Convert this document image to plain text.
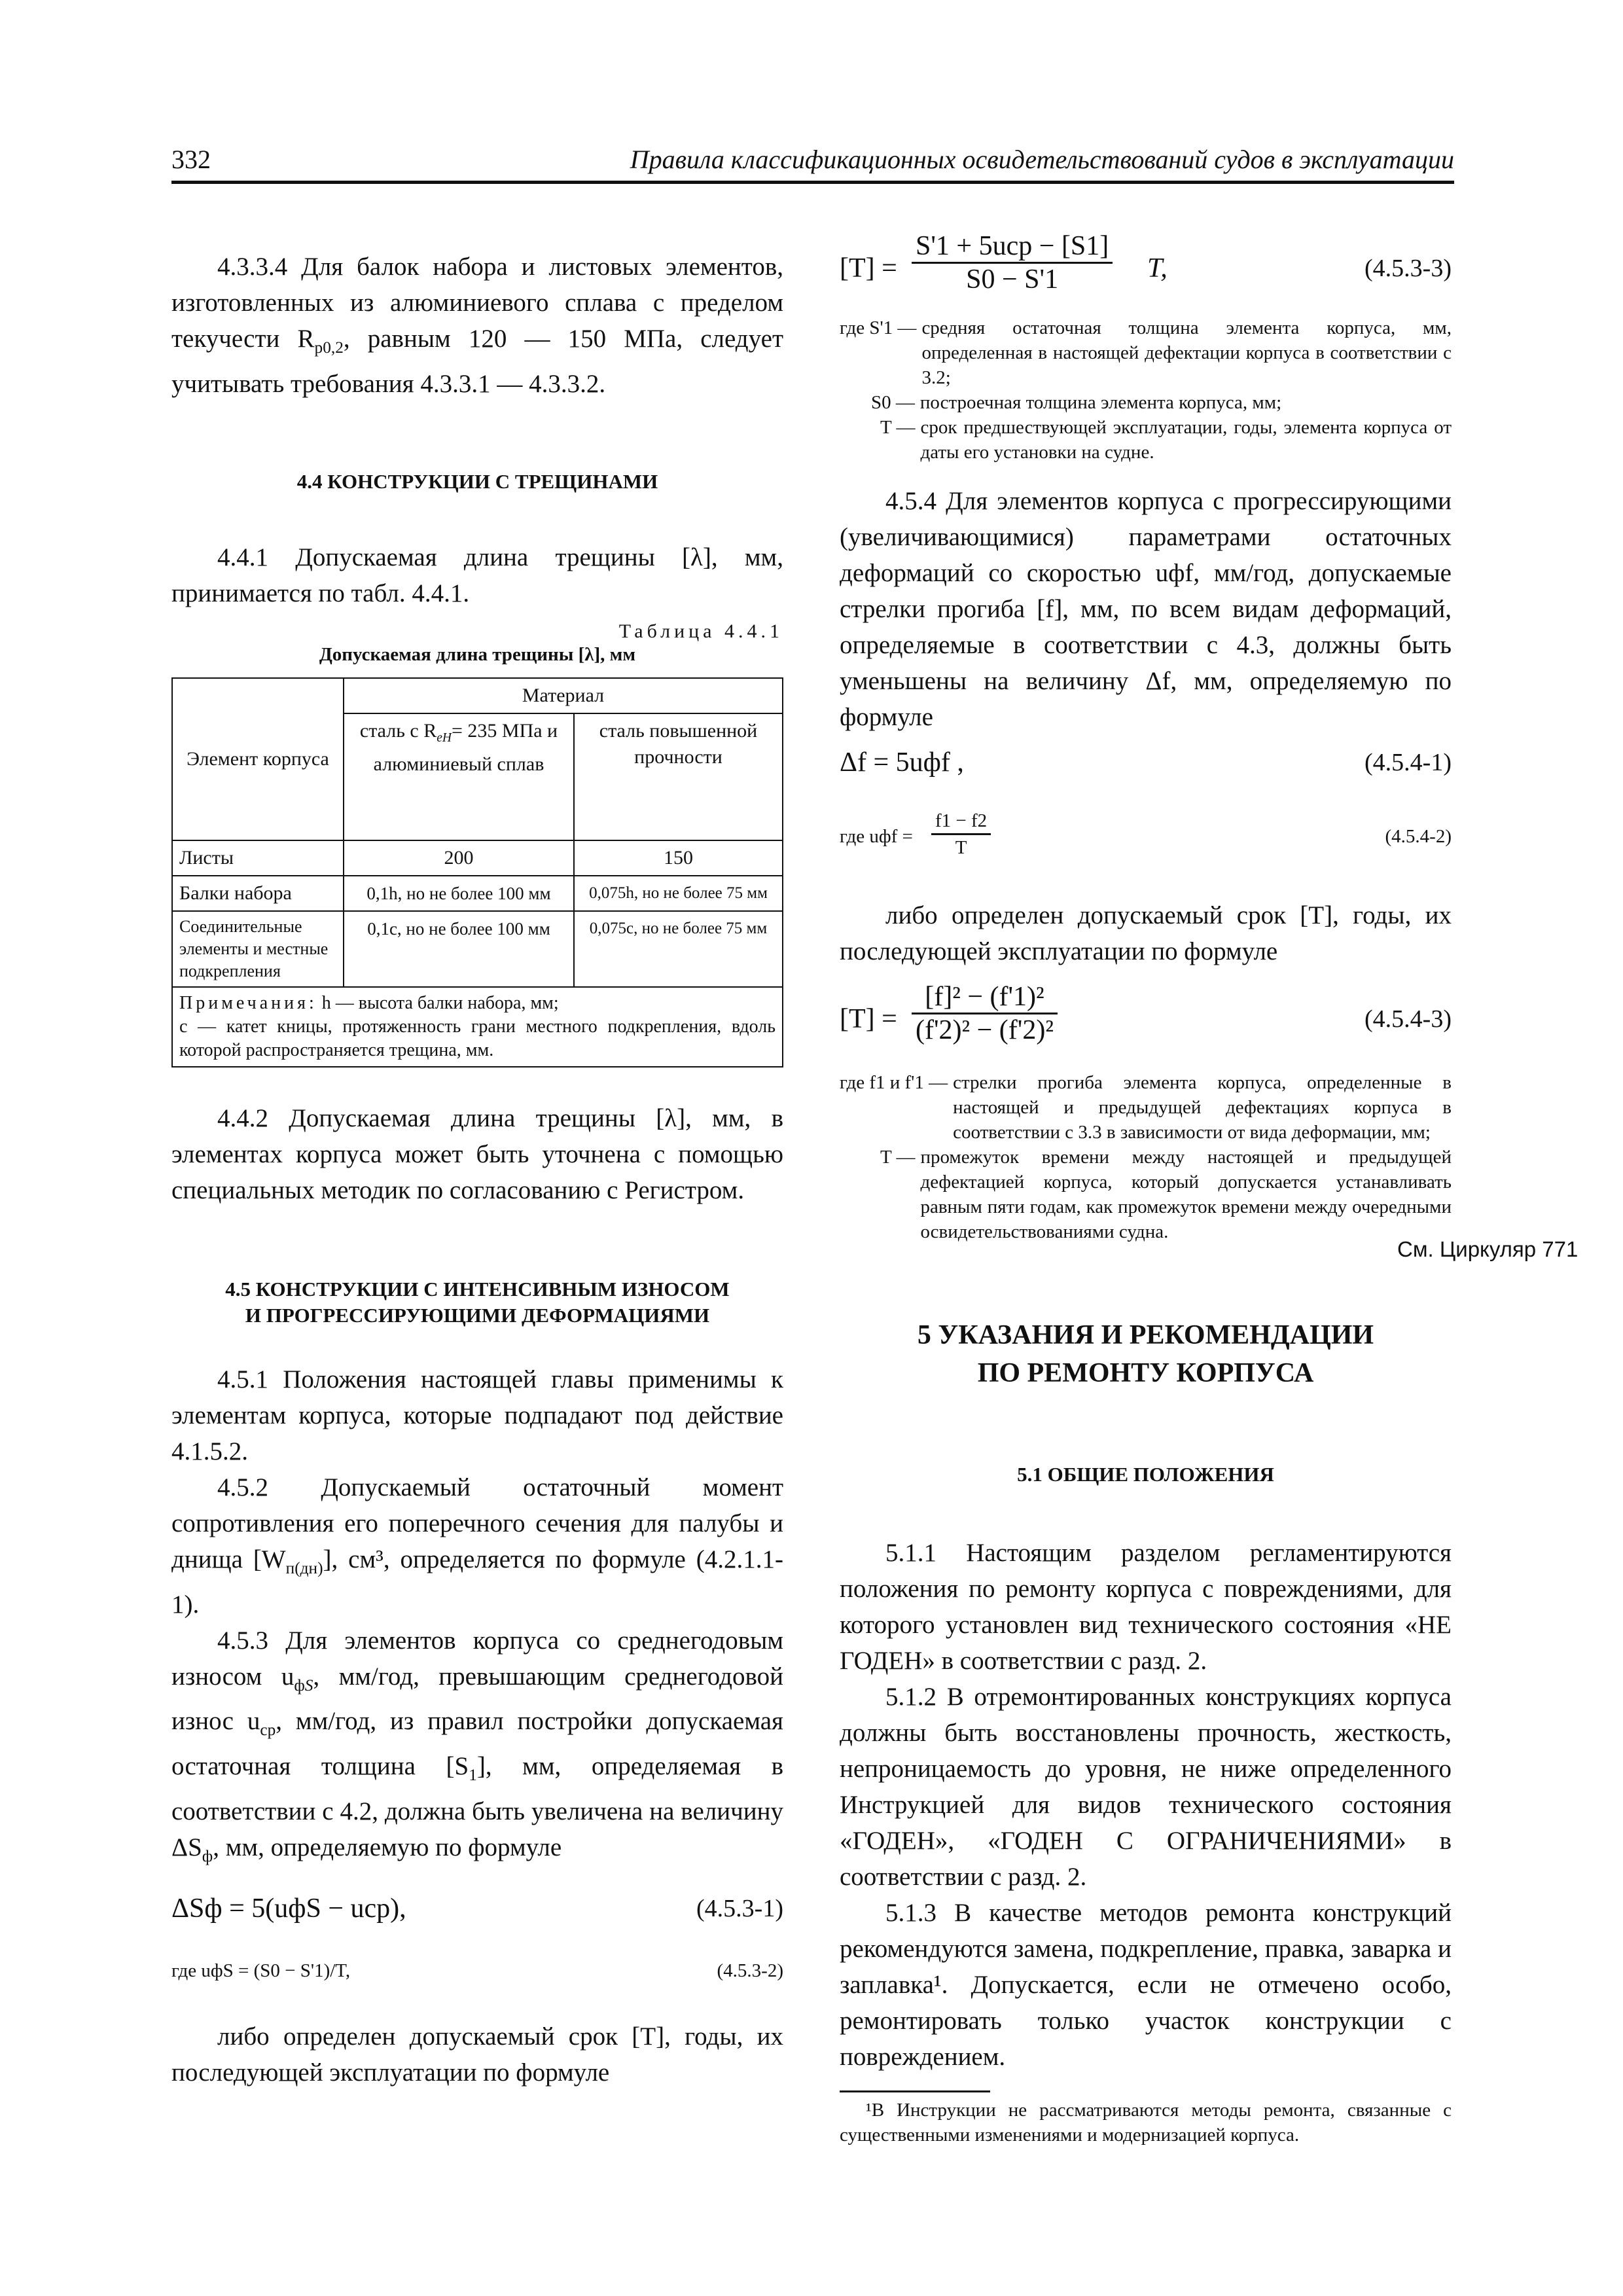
332	Правила классификационных освидетельствований судов в эксплуатации

4.3.3.4 Для балок набора и листовых элементов, изготовленных из алюминиевого сплава с пределом текучести $R_{p0,2}$, равным 120 — 150 МПа, следует учитывать требования 4.3.3.1 — 4.3.3.2.

4.4 КОНСТРУКЦИИ С ТРЕЩИНАМИ

4.4.1 Допускаемая длина трещины [λ], мм, принимается по табл. 4.4.1.

Таблица 4.4.1
Допускаемая длина трещины [λ], мм
Элемент корпуса	Материал	
	сталь с $R_{eH}= 235$ МПа и алюминиевый сплав	сталь повышенной прочности
Листы	200	150
Балки набора	0,1h, но не более 100 мм	0,075h, но не более 75 мм
Соединительные элементы и местные подкрепления	0,1c, но не более 100 мм	0,075c, но не более 75 мм
Примечания: h — высота балки набора, мм;
c — катет кницы, протяженность грани местного подкрепления, вдоль которой распространяется трещина, мм.		

4.4.2 Допускаемая длина трещины [λ], мм, в элементах корпуса может быть уточнена с помощью специальных методик по согласованию с Регистром.

4.5 КОНСТРУКЦИИ С ИНТЕНСИВНЫМ ИЗНОСОМ
И ПРОГРЕССИРУЮЩИМИ ДЕФОРМАЦИЯМИ

4.5.1 Положения настоящей главы применимы к элементам корпуса, которые подпадают под действие 4.1.5.2.

4.5.2 Допускаемый остаточный момент сопротивления его поперечного сечения для палубы и днища $[W_{п(дн)}]$, см³, определяется по формуле (4.2.1.1-1).

4.5.3 Для элементов корпуса со среднегодовым износом $u_{фS}$, мм/год, превышающим среднегодовой износ $u_{ср}$, мм/год, из правил постройки допускаемая остаточная толщина $[S_1]$, мм, определяемая в соответствии с 4.2, должна быть увеличена на величину $\Delta S_ф$, мм, определяемую по формуле

ΔSф = 5(uфS − uср),	(4.5.3-1)
где uфS = (S0 − S'1)/T,	(4.5.3-2)

либо определен допускаемый срок [T], годы, их последующей эксплуатации по формуле

[T] =
S'1 + 5uср − [S1]
S0 − S'1	T,	(4.5.3-3)
где S'1 — средняя остаточная толщина элемента корпуса, мм, определенная в настоящей дефектации корпуса в соответствии с 3.2;
S0 — построечная толщина элемента корпуса, мм;
T — срок предшествующей эксплуатации, годы, элемента корпуса от даты его установки на судне.

4.5.4 Для элементов корпуса с прогрессирующими (увеличивающимися) параметрами остаточных деформаций со скоростью uфf, мм/год, допускаемые стрелки прогиба [f], мм, по всем видам деформаций, определяемые в соответствии с 4.3, должны быть уменьшены на величину Δf, мм, определяемую по формуле

Δf = 5uфf ,	(4.5.4-1)
где uфf = $\frac{f1 - f2}{T}$	(4.5.4-2)

либо определен допускаемый срок [T], годы, их последующей эксплуатации по формуле

$[T] = \frac{\text{[f]² − (f'1)²}}{\text{(f'2)² − (f'2)²}}$	(4.5.4-3)
где f1 и f'1 — стрелки прогиба элемента корпуса, определенные в настоящей и предыдущей дефектациях корпуса в соответствии с 3.3 в зависимости от вида деформации, мм;
T — промежуток времени между настоящей и предыдущей дефектацией корпуса, который допускается устанавливать равным пяти годам, как промежуток времени между очередными освидетельствованиями судна.
5 УКАЗАНИЯ И РЕКОМЕНДАЦИИ
ПО РЕМОНТУ КОРПУСА
5.1 ОБЩИЕ ПОЛОЖЕНИЯ

5.1.1 Настоящим разделом регламентируются положения по ремонту корпуса с повреждениями, для которого установлен вид технического состояния «НЕ ГОДЕН» в соответствии с разд. 2.

5.1.2 В отремонтированных конструкциях корпуса должны быть восстановлены прочность, жесткость, непроницаемость до уровня, не ниже определенного Инструкцией для видов технического состояния «ГОДЕН», «ГОДЕН С ОГРАНИЧЕНИЯМИ» в соответствии с разд. 2.

5.1.3 В качестве методов ремонта конструкций рекомендуются замена, подкрепление, правка, заварка и заплавка¹. Допускается, если не отмечено особо, ремонтировать только участок конструкции с повреждением.

¹В Инструкции не рассматриваются методы ремонта, связанные с существенными изменениями и модернизацией корпуса.

См. Циркуляр 771
